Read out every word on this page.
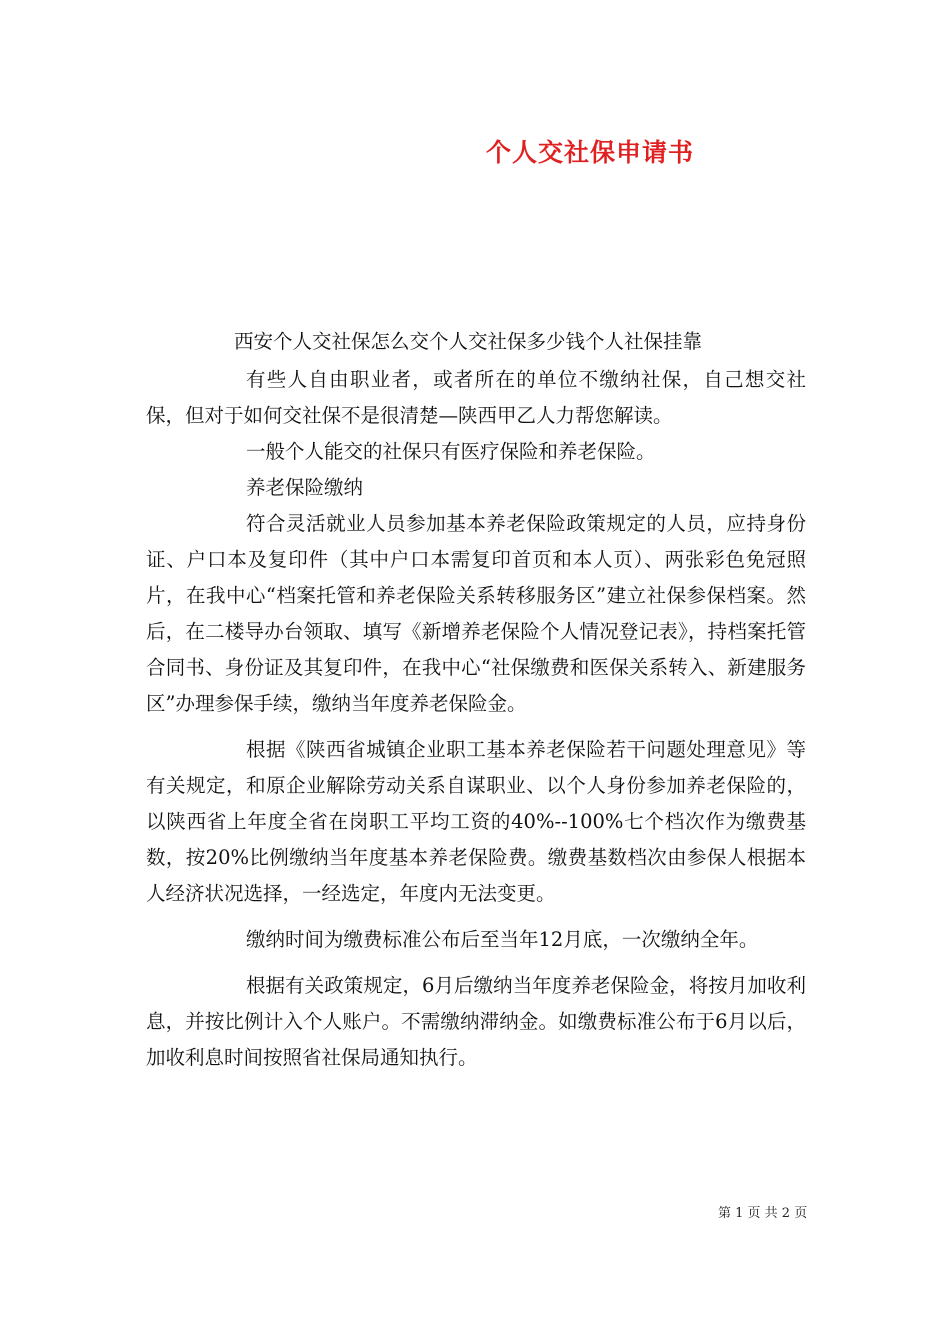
个人交社保申请书

西安个人交社保怎么交个人交社保多少钱个人社保挂靠

有些人自由职业者，或者所在的单位不缴纳社保，自己想交社保，但对于如何交社保不是很清楚—陕西甲乙人力帮您解读。

一般个人能交的社保只有医疗保险和养老保险。

养老保险缴纳

符合灵活就业人员参加基本养老保险政策规定的人员，应持身份证、户口本及复印件（其中户口本需复印首页和本人页）、两张彩色免冠照片，在我中心“档案托管和养老保险关系转移服务区”建立社保参保档案。然后，在二楼导办台领取、填写《新增养老保险个人情况登记表》，持档案托管合同书、身份证及其复印件，在我中心“社保缴费和医保关系转入、新建服务区”办理参保手续，缴纳当年度养老保险金。

根据《陕西省城镇企业职工基本养老保险若干问题处理意见》等有关规定，和原企业解除劳动关系自谋职业、以个人身份参加养老保险的，以陕西省上年度全省在岗职工平均工资的40%--100%七个档次作为缴费基数，按20%比例缴纳当年度基本养老保险费。缴费基数档次由参保人根据本人经济状况选择，一经选定，年度内无法变更。

缴纳时间为缴费标准公布后至当年12月底，一次缴纳全年。

根据有关政策规定，6月后缴纳当年度养老保险金，将按月加收利息，并按比例计入个人账户。不需缴纳滞纳金。如缴费标准公布于6月以后，加收利息时间按照省社保局通知执行。

第 1 页 共 2 页
